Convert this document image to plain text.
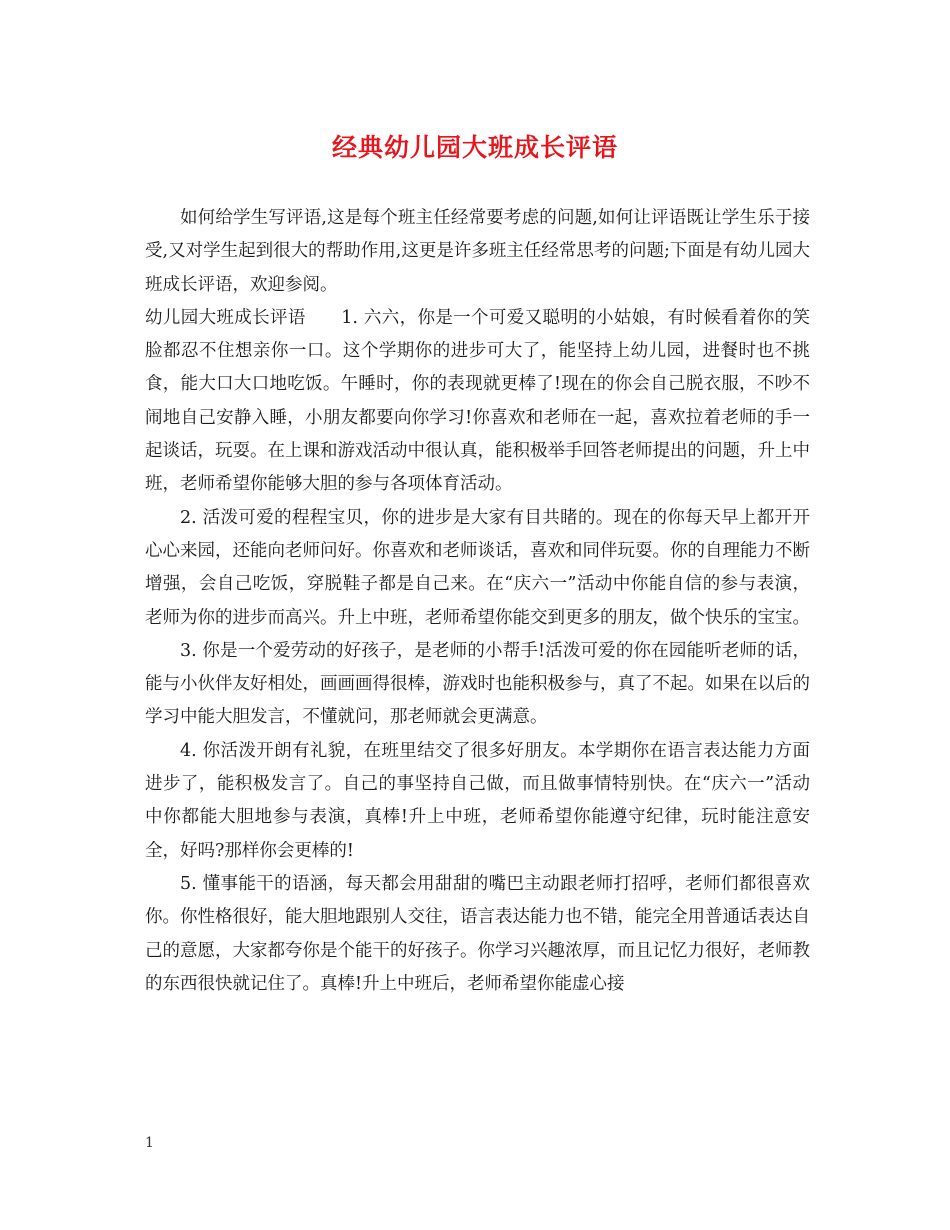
经典幼儿园大班成长评语

如何给学生写评语,这是每个班主任经常要考虑的问题,如何让评语既让学生乐于接受,又对学生起到很大的帮助作用,这更是许多班主任经常思考的问题;下面是有幼儿园大班成长评语，欢迎参阅。

幼儿园大班成长评语 1. 六六，你是一个可爱又聪明的小姑娘，有时候看着你的笑脸都忍不住想亲你一口。这个学期你的进步可大了，能坚持上幼儿园，进餐时也不挑食，能大口大口地吃饭。午睡时，你的表现就更棒了!现在的你会自己脱衣服，不吵不闹地自己安静入睡，小朋友都要向你学习!你喜欢和老师在一起，喜欢拉着老师的手一起谈话，玩耍。在上课和游戏活动中很认真，能积极举手回答老师提出的问题，升上中班，老师希望你能够大胆的参与各项体育活动。

2. 活泼可爱的程程宝贝，你的进步是大家有目共睹的。现在的你每天早上都开开心心来园，还能向老师问好。你喜欢和老师谈话，喜欢和同伴玩耍。你的自理能力不断增强，会自己吃饭，穿脱鞋子都是自己来。在“庆六一”活动中你能自信的参与表演，老师为你的进步而高兴。升上中班，老师希望你能交到更多的朋友，做个快乐的宝宝。

3. 你是一个爱劳动的好孩子，是老师的小帮手!活泼可爱的你在园能听老师的话，能与小伙伴友好相处，画画画得很棒，游戏时也能积极参与，真了不起。如果在以后的学习中能大胆发言，不懂就问，那老师就会更满意。

4. 你活泼开朗有礼貌，在班里结交了很多好朋友。本学期你在语言表达能力方面进步了，能积极发言了。自己的事坚持自己做，而且做事情特别快。在“庆六一”活动中你都能大胆地参与表演，真棒!升上中班，老师希望你能遵守纪律，玩时能注意安全，好吗?那样你会更棒的!

5. 懂事能干的语涵，每天都会用甜甜的嘴巴主动跟老师打招呼，老师们都很喜欢你。你性格很好，能大胆地跟别人交往，语言表达能力也不错，能完全用普通话表达自己的意愿，大家都夸你是个能干的好孩子。你学习兴趣浓厚，而且记忆力很好，老师教的东西很快就记住了。真棒!升上中班后，老师希望你能虚心接

1
